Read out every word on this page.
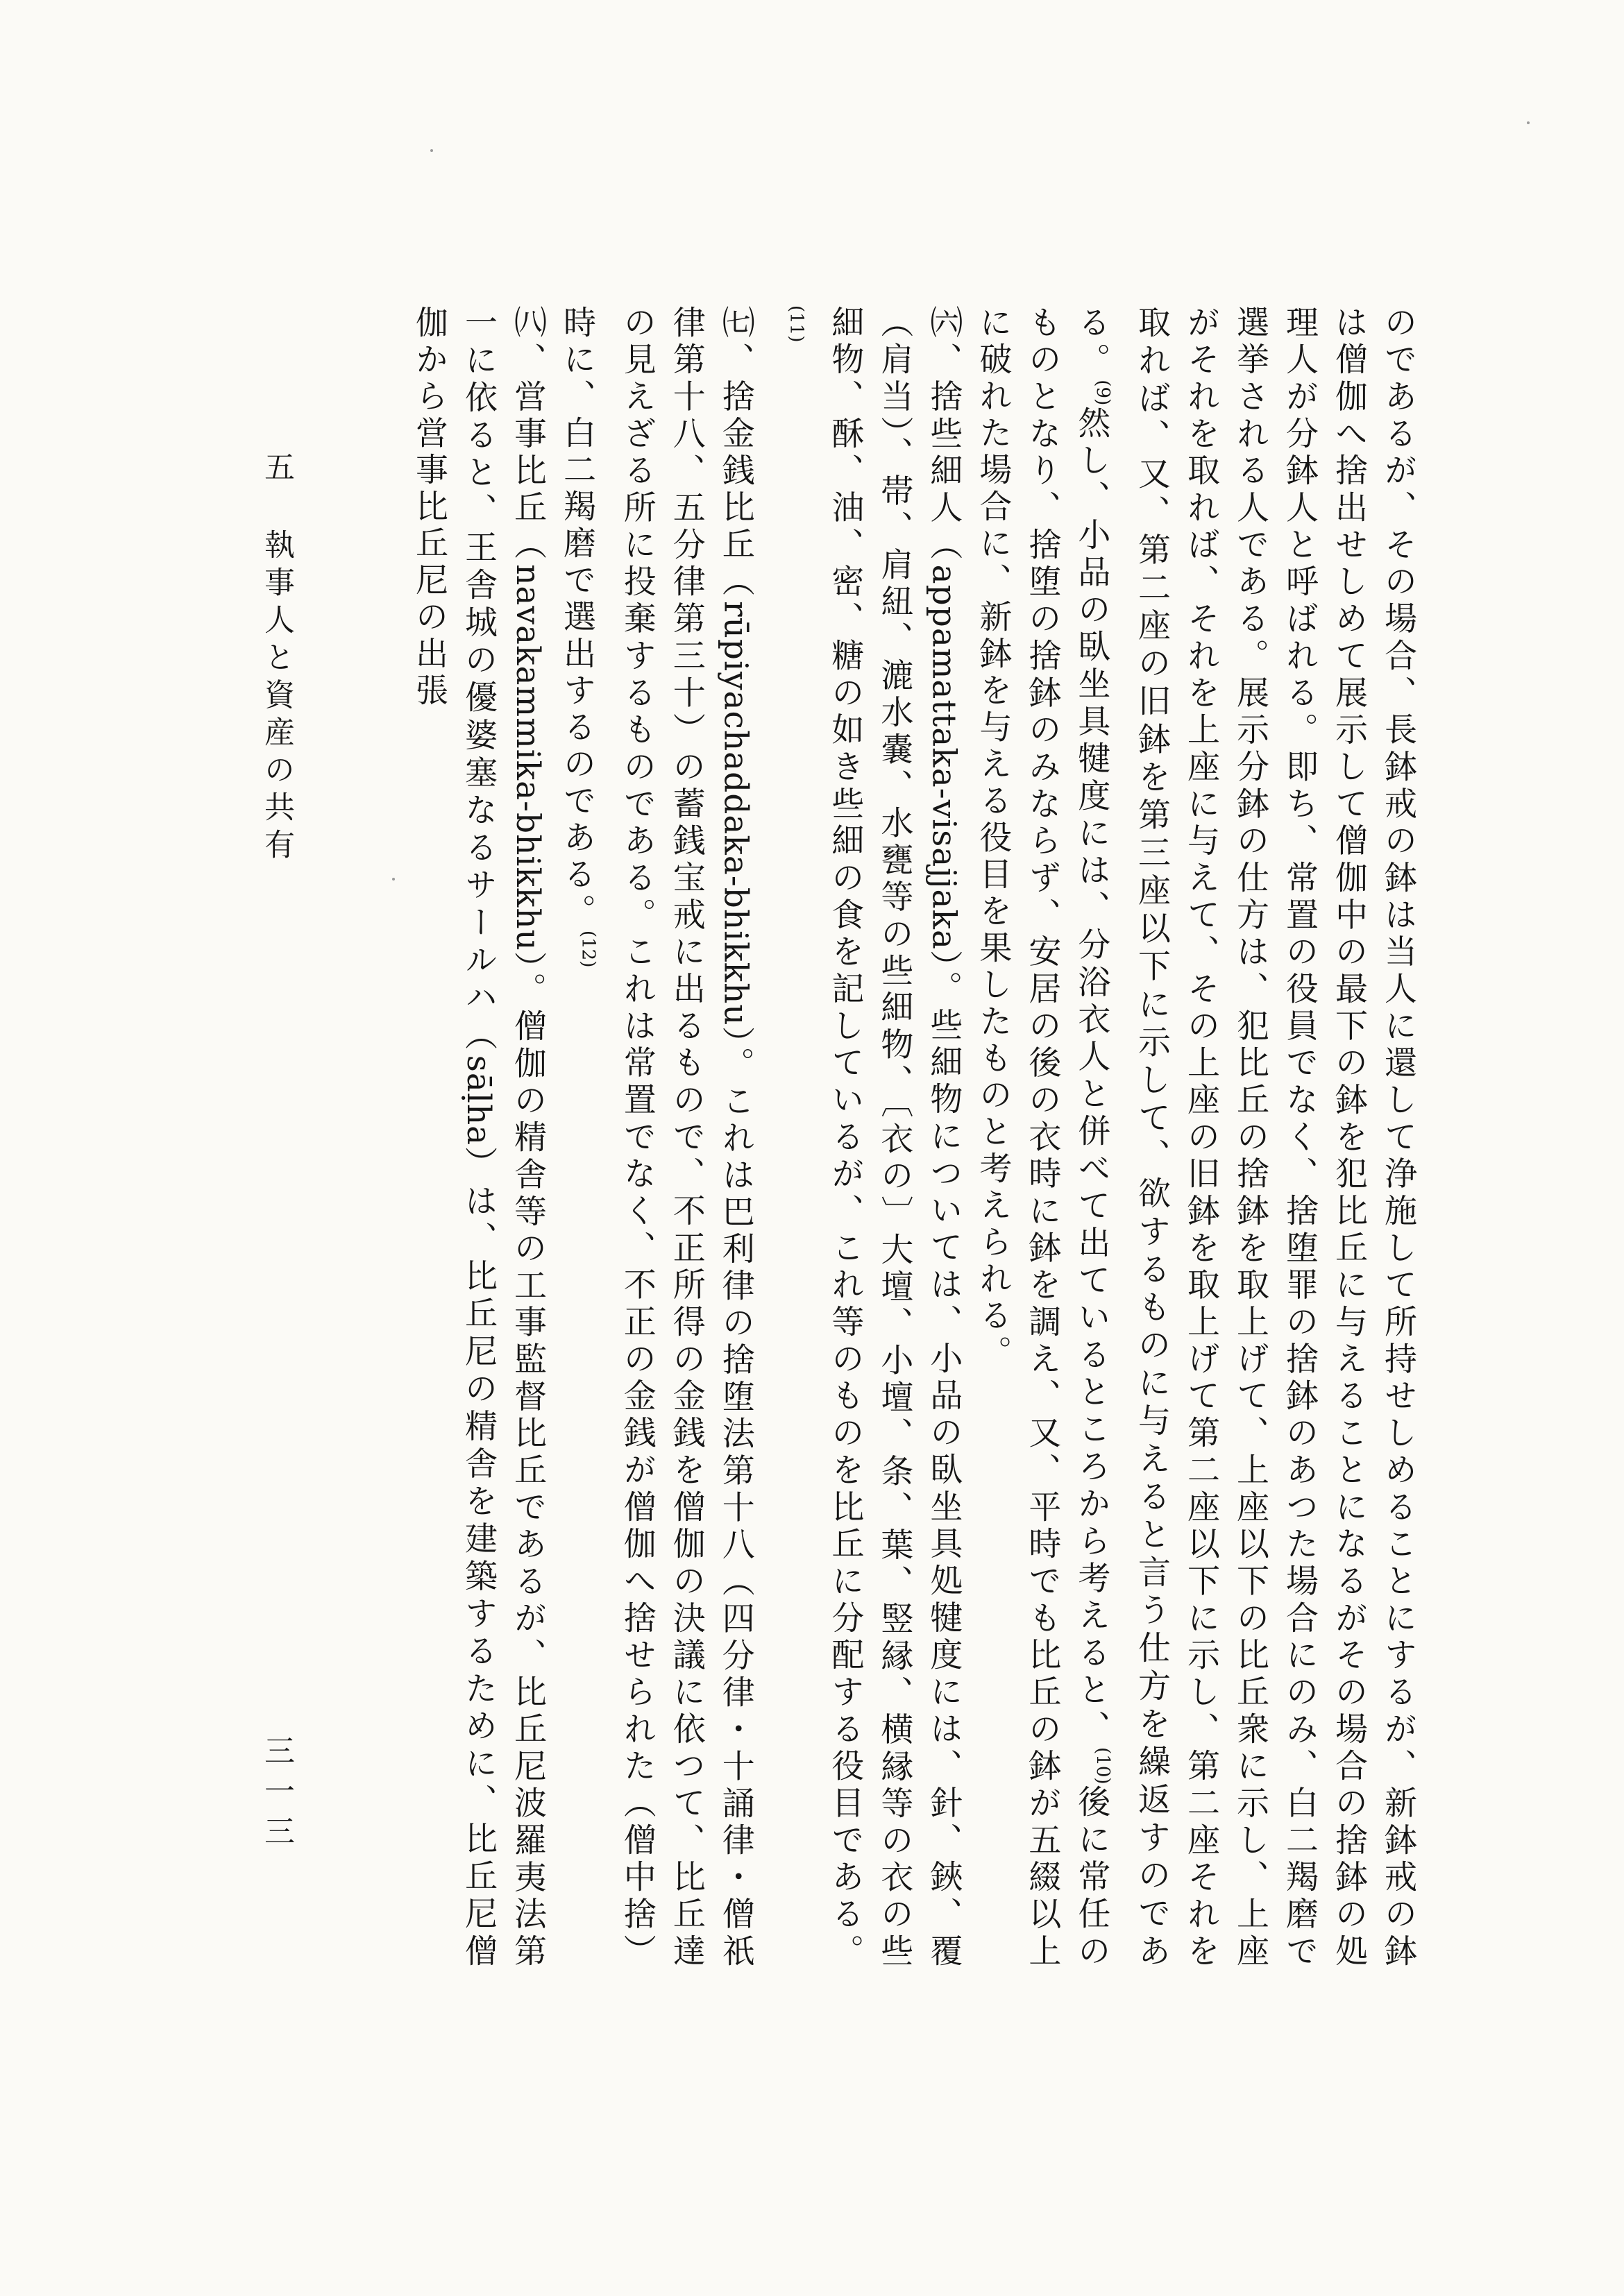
のであるが、その場合、長鉢戒の鉢は当人に還して浄施して所持せしめることにするが、新鉢戒の鉢は僧伽へ捨出せしめて展示して僧伽中の最下の鉢を犯比丘に与えることになるがその場合の捨鉢の処理人が分鉢人と呼ばれる。即ち、常置の役員でなく、捨堕罪の捨鉢のあつた場合にのみ、白二羯磨で選挙される人である。展示分鉢の仕方は、犯比丘の捨鉢を取上げて、上座以下の比丘衆に示し、上座がそれを取れば、それを上座に与えて、その上座の旧鉢を取上げて第二座以下に示し、第二座それを取れば、又、第二座の旧鉢を第三座以下に示して、欲するものに与えると言う仕方を繰返すのである。$^{(9)}$然し、小品の臥坐具犍度には、分浴衣人と併べて出ているところから考えると、$^{(10)}$後に常任のものとなり、捨堕の捨鉢のみならず、安居の後の衣時に鉢を調え、又、平時でも比丘の鉢が五綴以上に破れた場合に、新鉢を与える役目を果したものと考えられる。

㈥、捨些細人（appamattaka-visajjaka）。些細物については、小品の臥坐具処犍度には、針、鋏、覆（肩当）、帯、肩紐、漉水嚢、水甕等の些細物、〔衣の〕大壇、小壇、条、葉、竪縁、横縁等の衣の些細物、酥、油、密、糖の如き些細の食を記しているが、これ等のものを比丘に分配する役目である。$^{(11)}$

㈦、捨金銭比丘（rūpiyachaddaka-bhikkhu）。これは巴利律の捨堕法第十八（四分律・十誦律・僧祇律第十八、五分律第三十）の蓄銭宝戒に出るもので、不正所得の金銭を僧伽の決議に依つて、比丘達の見えざる所に投棄するものである。これは常置でなく、不正の金銭が僧伽へ捨せられた（僧中捨）時に、白二羯磨で選出するのである。$^{(12)}$

㈧、営事比丘（navakammika-bhikkhu）。僧伽の精舎等の工事監督比丘であるが、比丘尼波羅夷法第一に依ると、王舎城の優婆塞なるサールハ（sāḷha）は、比丘尼の精舎を建築するために、比丘尼僧伽から営事比丘尼の出張

五執事人と資産の共有
三一三
